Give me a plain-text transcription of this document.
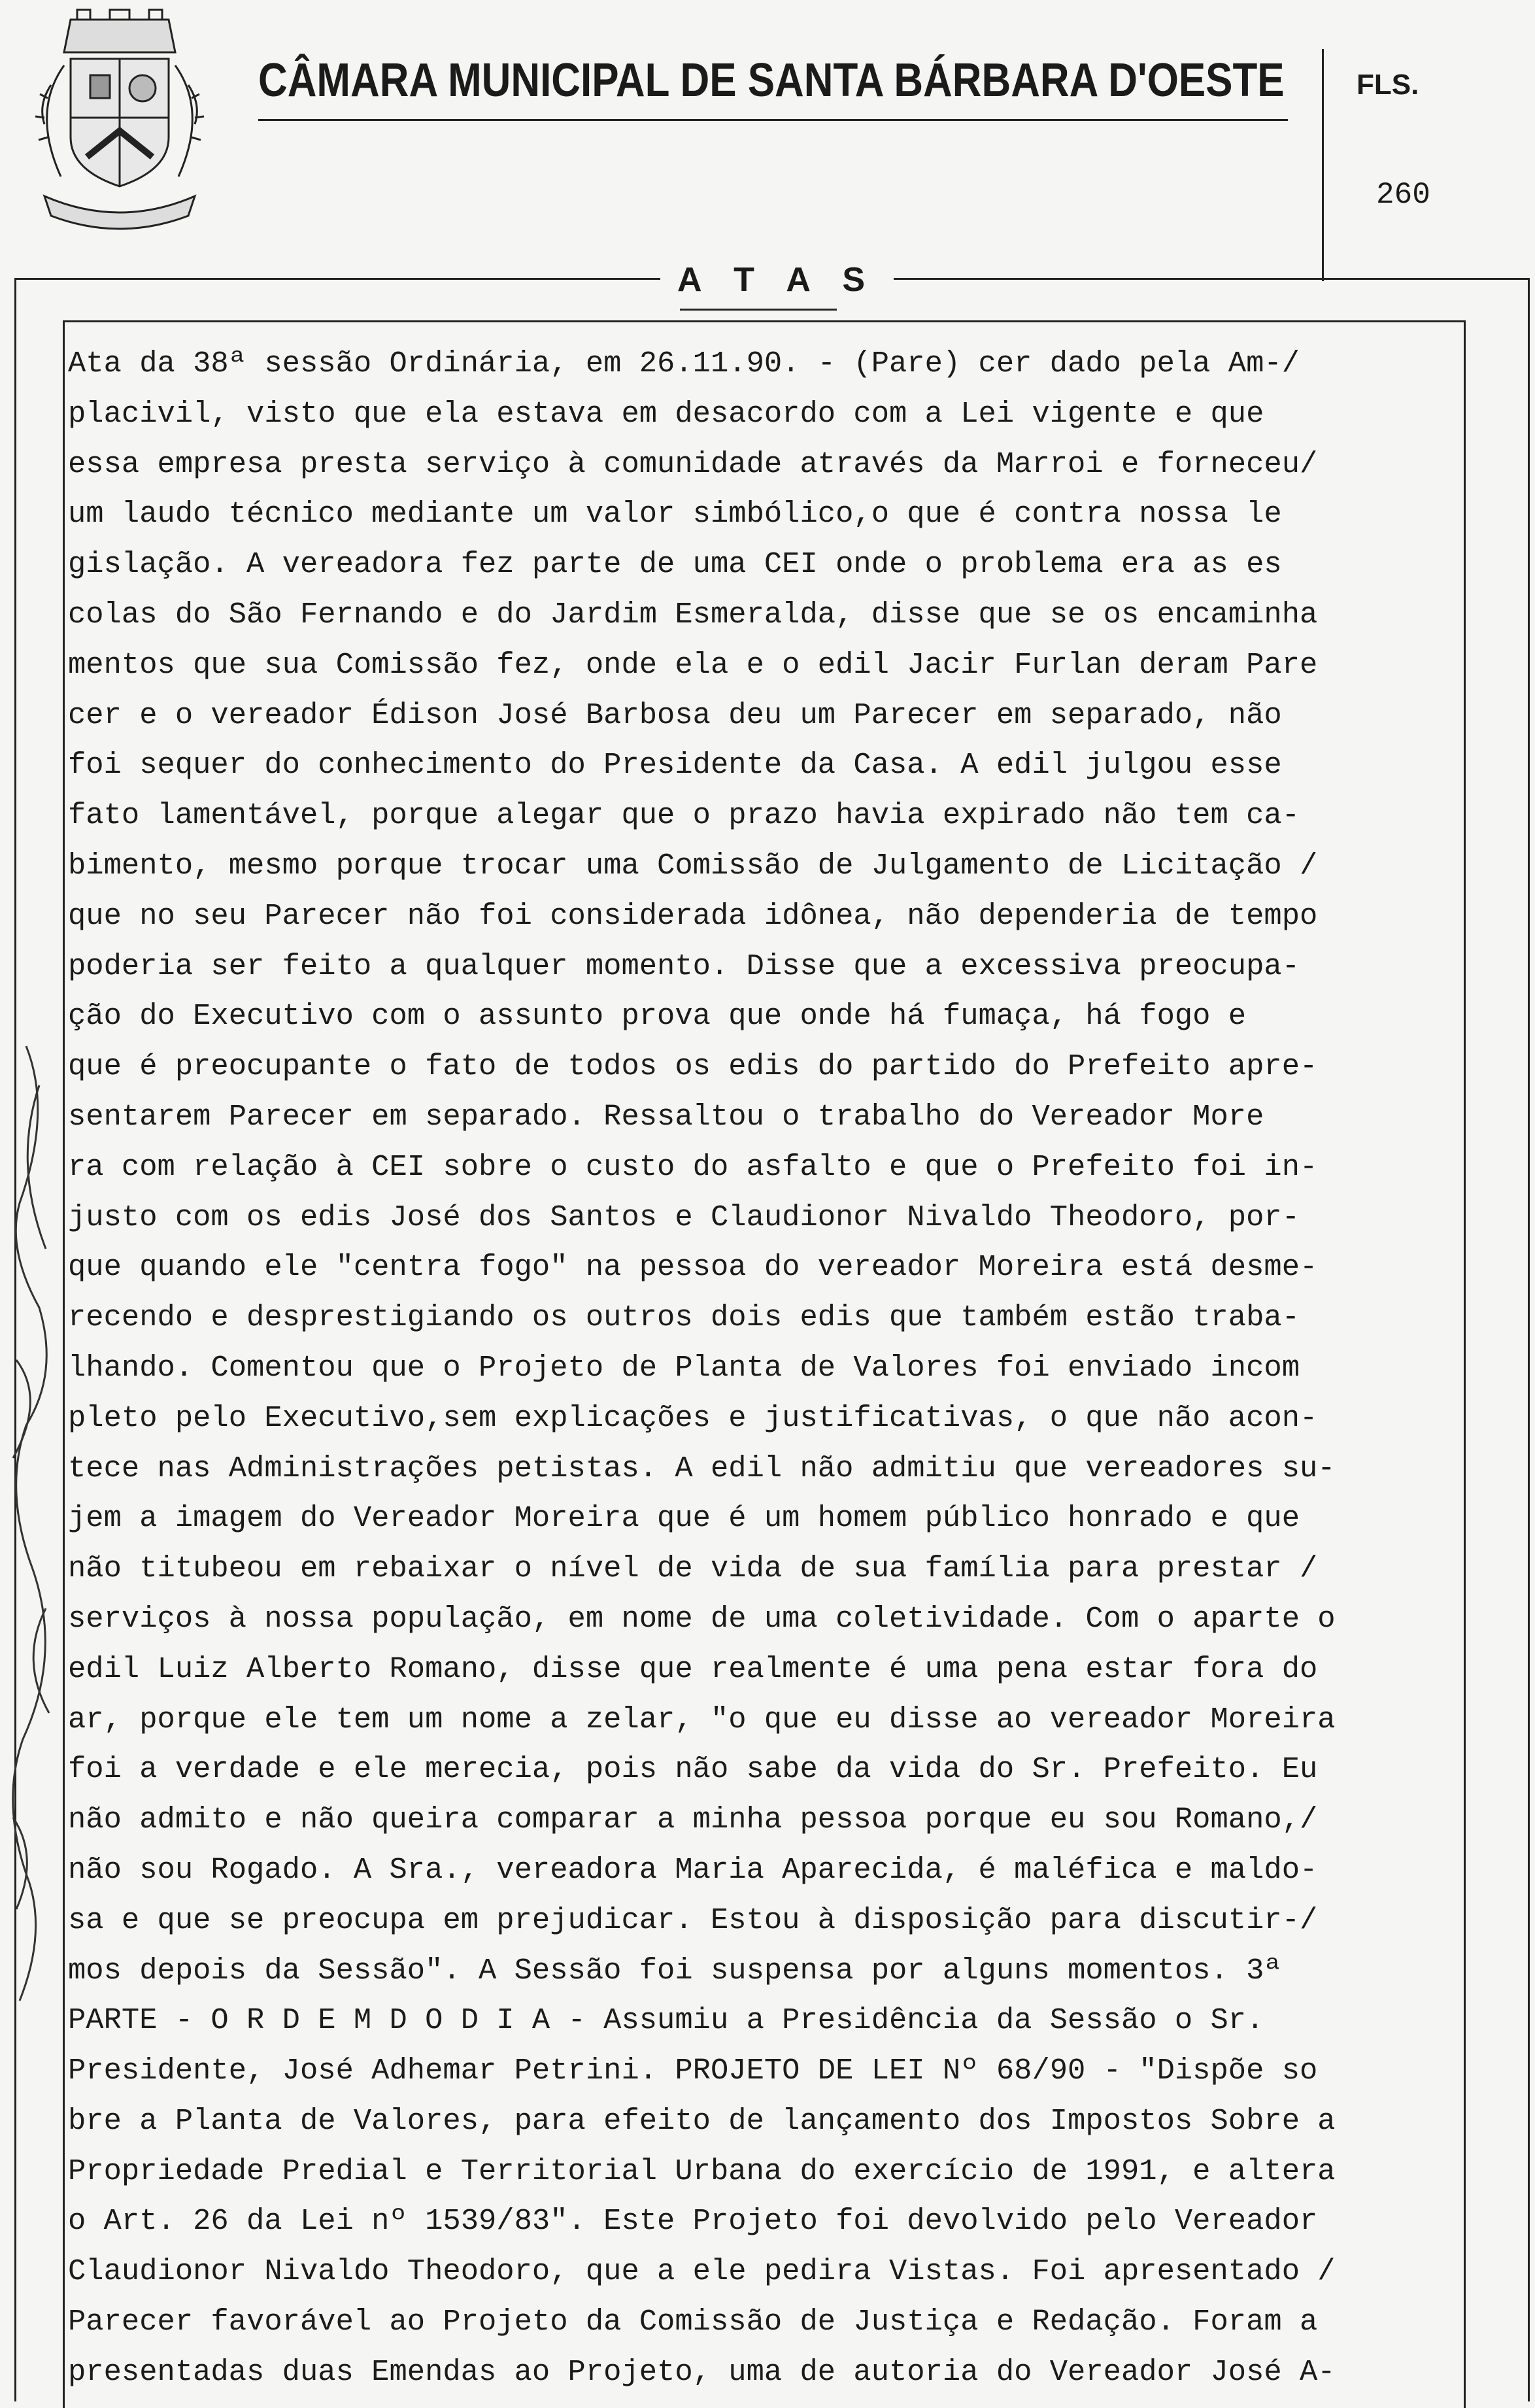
CÂMARA MUNICIPAL DE SANTA BÁRBARA D'OESTE	FLS.
260
A T A S
Ata da 38ª sessão Ordinária, em 26.11.90. - (Pare) cer dado pela Am-/
placivil, visto que ela estava em desacordo com a Lei vigente e que
essa empresa presta serviço à comunidade através da Marroi e forneceu/
um laudo técnico mediante um valor simbólico,o que é contra nossa le
gislação. A vereadora fez parte de uma CEI onde o problema era as es
colas do São Fernando e do Jardim Esmeralda, disse que se os encaminha
mentos que sua Comissão fez, onde ela e o edil Jacir Furlan deram Pare
cer e o vereador Édison José Barbosa deu um Parecer em separado, não
foi sequer do conhecimento do Presidente da Casa. A edil julgou esse
fato lamentável, porque alegar que o prazo havia expirado não tem ca-
bimento, mesmo porque trocar uma Comissão de Julgamento de Licitação /
que no seu Parecer não foi considerada idônea, não dependeria de tempo
poderia ser feito a qualquer momento. Disse que a excessiva preocupa-
ção do Executivo com o assunto prova que onde há fumaça, há fogo e
que é preocupante o fato de todos os edis do partido do Prefeito apre-
sentarem Parecer em separado. Ressaltou o trabalho do Vereador More
ra com relação à CEI sobre o custo do asfalto e que o Prefeito foi in-
justo com os edis José dos Santos e Claudionor Nivaldo Theodoro, por-
que quando ele "centra fogo" na pessoa do vereador Moreira está desme-
recendo e desprestigiando os outros dois edis que também estão traba-
lhando. Comentou que o Projeto de Planta de Valores foi enviado incom
pleto pelo Executivo,sem explicações e justificativas, o que não acon-
tece nas Administrações petistas. A edil não admitiu que vereadores su-
jem a imagem do Vereador Moreira que é um homem público honrado e que
não titubeou em rebaixar o nível de vida de sua família para prestar /
serviços à nossa população, em nome de uma coletividade. Com o aparte o
edil Luiz Alberto Romano, disse que realmente é uma pena estar fora do
ar, porque ele tem um nome a zelar, "o que eu disse ao vereador Moreira
foi a verdade e ele merecia, pois não sabe da vida do Sr. Prefeito. Eu
não admito e não queira comparar a minha pessoa porque eu sou Romano,/
não sou Rogado. A Sra., vereadora Maria Aparecida, é maléfica e maldo-
sa e que se preocupa em prejudicar. Estou à disposição para discutir-/
mos depois da Sessão". A Sessão foi suspensa por alguns momentos. 3ª
PARTE - O R D E M D O D I A - Assumiu a Presidência da Sessão o Sr.
Presidente, José Adhemar Petrini. PROJETO DE LEI Nº 68/90 - "Dispõe so
bre a Planta de Valores, para efeito de lançamento dos Impostos Sobre a
Propriedade Predial e Territorial Urbana do exercício de 1991, e altera
o Art. 26 da Lei nº 1539/83". Este Projeto foi devolvido pelo Vereador
Claudionor Nivaldo Theodoro, que a ele pedira Vistas. Foi apresentado /
Parecer favorável ao Projeto da Comissão de Justiça e Redação. Foram a
presentadas duas Emendas ao Projeto, uma de autoria do Vereador José A-
